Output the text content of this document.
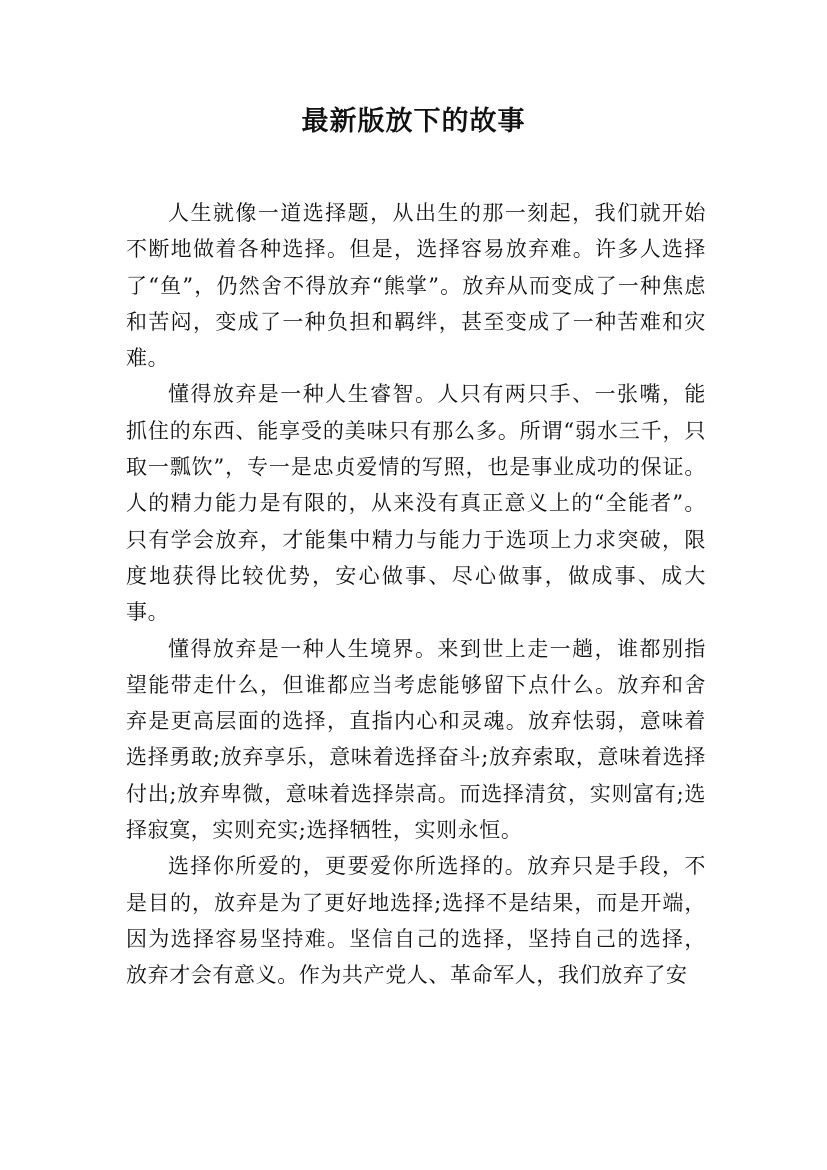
最新版放下的故事

人生就像一道选择题，从出生的那一刻起，我们就开始不断地做着各种选择。但是，选择容易放弃难。许多人选择了“鱼”，仍然舍不得放弃“熊掌”。放弃从而变成了一种焦虑和苦闷，变成了一种负担和羁绊，甚至变成了一种苦难和灾难。

懂得放弃是一种人生睿智。人只有两只手、一张嘴，能抓住的东西、能享受的美味只有那么多。所谓“弱水三千，只取一瓢饮”，专一是忠贞爱情的写照，也是事业成功的保证。人的精力能力是有限的，从来没有真正意义上的“全能者”。只有学会放弃，才能集中精力与能力于选项上力求突破，限度地获得比较优势，安心做事、尽心做事，做成事、成大事。

懂得放弃是一种人生境界。来到世上走一趟，谁都别指望能带走什么，但谁都应当考虑能够留下点什么。放弃和舍弃是更高层面的选择，直指内心和灵魂。放弃怯弱，意味着选择勇敢;放弃享乐，意味着选择奋斗;放弃索取，意味着选择付出;放弃卑微，意味着选择崇高。而选择清贫，实则富有;选择寂寞，实则充实;选择牺牲，实则永恒。

选择你所爱的，更要爱你所选择的。放弃只是手段，不是目的，放弃是为了更好地选择;选择不是结果，而是开端，因为选择容易坚持难。坚信自己的选择，坚持自己的选择，放弃才会有意义。作为共产党人、革命军人，我们放弃了安
